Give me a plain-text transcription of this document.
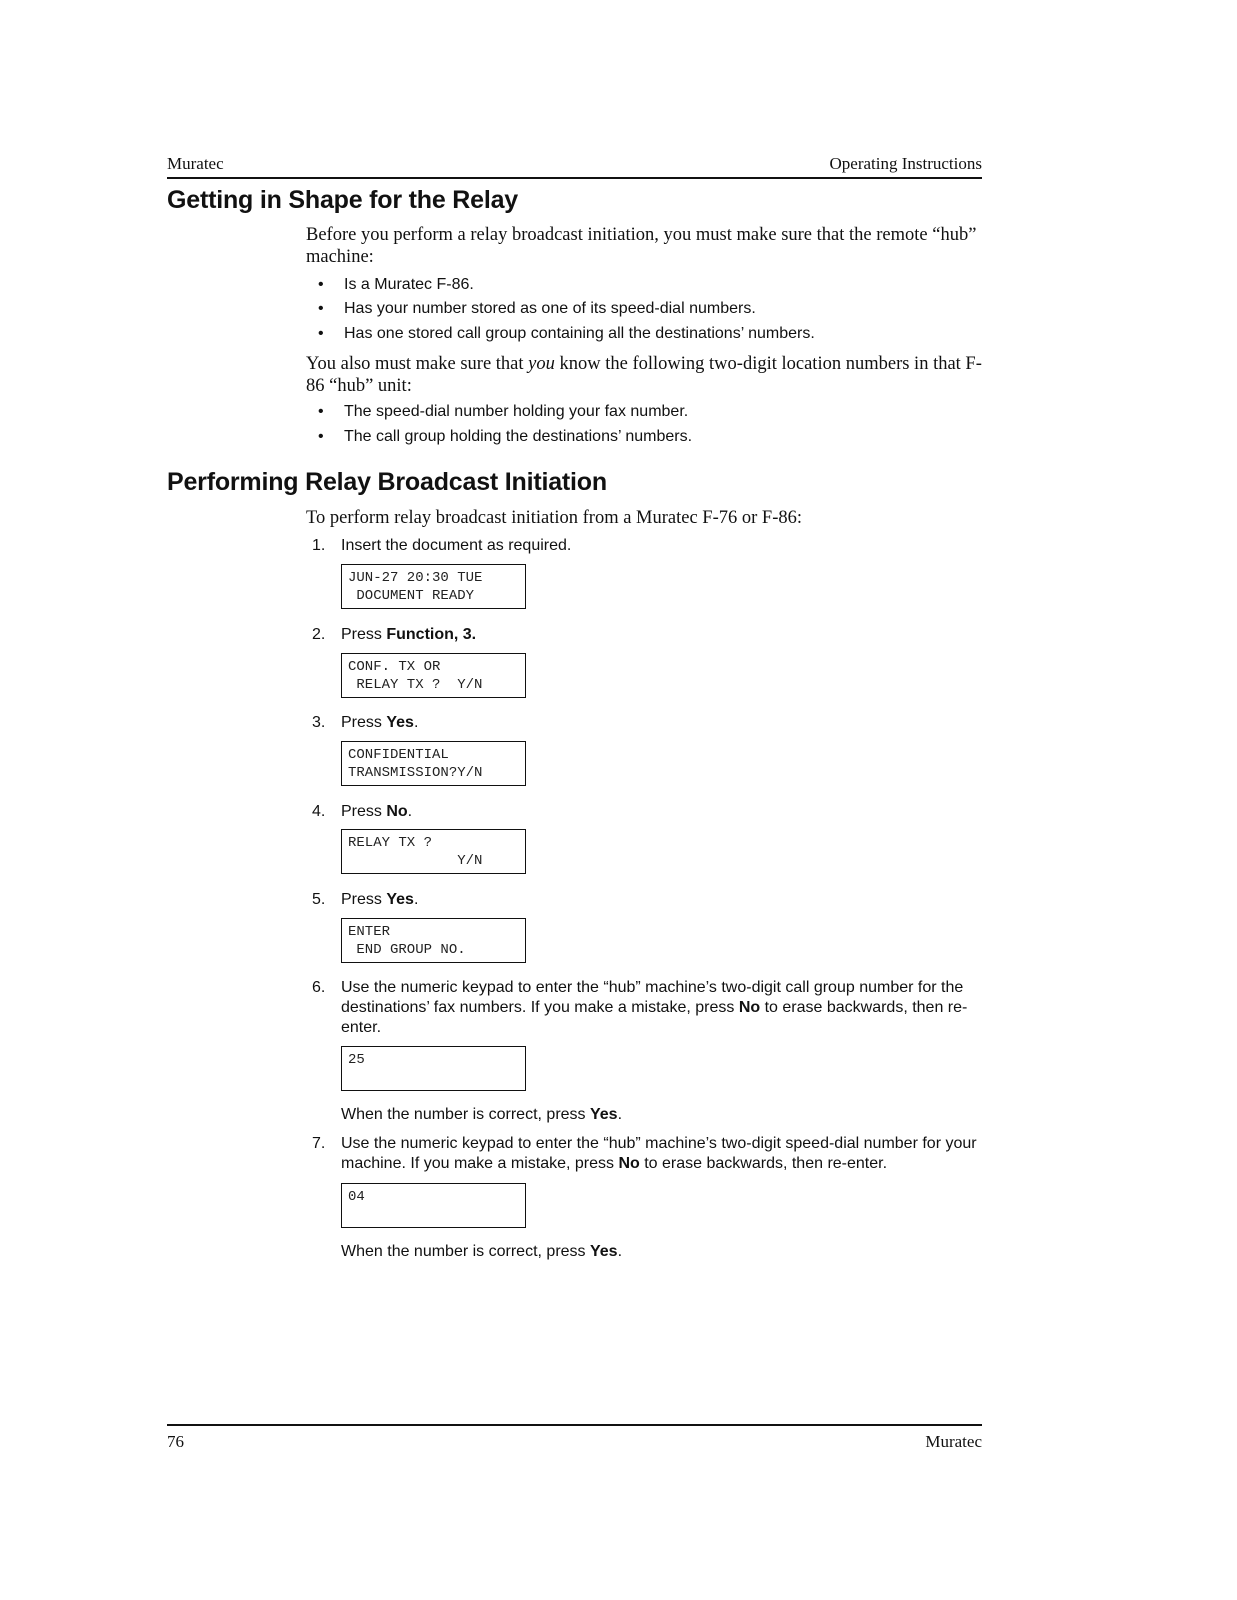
Muratec	Operating Instructions
Getting in Shape for the Relay
Before you perform a relay broadcast initiation, you must make sure that the remote “hub” machine:
• Is a Muratec F-86.
• Has your number stored as one of its speed-dial numbers.
• Has one stored call group containing all the destinations’ numbers.
You also must make sure that you know the following two-digit location numbers in that F-86 “hub” unit:
• The speed-dial number holding your fax number.
• The call group holding the destinations’ numbers.
Performing Relay Broadcast Initiation
To perform relay broadcast initiation from a Muratec F-76 or F-86:
1. Insert the document as required.
JUN-27 20:30 TUE
DOCUMENT READY
2. Press Function, 3.
CONF. TX OR
RELAY TX ?  Y/N
3. Press Yes.
CONFIDENTIAL
TRANSMISSION?Y/N
4. Press No.
RELAY TX ?
Y/N
5. Press Yes.
ENTER
END GROUP NO.
6. Use the numeric keypad to enter the “hub” machine’s two-digit call group number for the destinations’ fax numbers. If you make a mistake, press No to erase backwards, then re-enter.
25
When the number is correct, press Yes.
7. Use the numeric keypad to enter the “hub” machine’s two-digit speed-dial number for your machine. If you make a mistake, press No to erase backwards, then re-enter.
04
When the number is correct, press Yes.
76	Muratec
